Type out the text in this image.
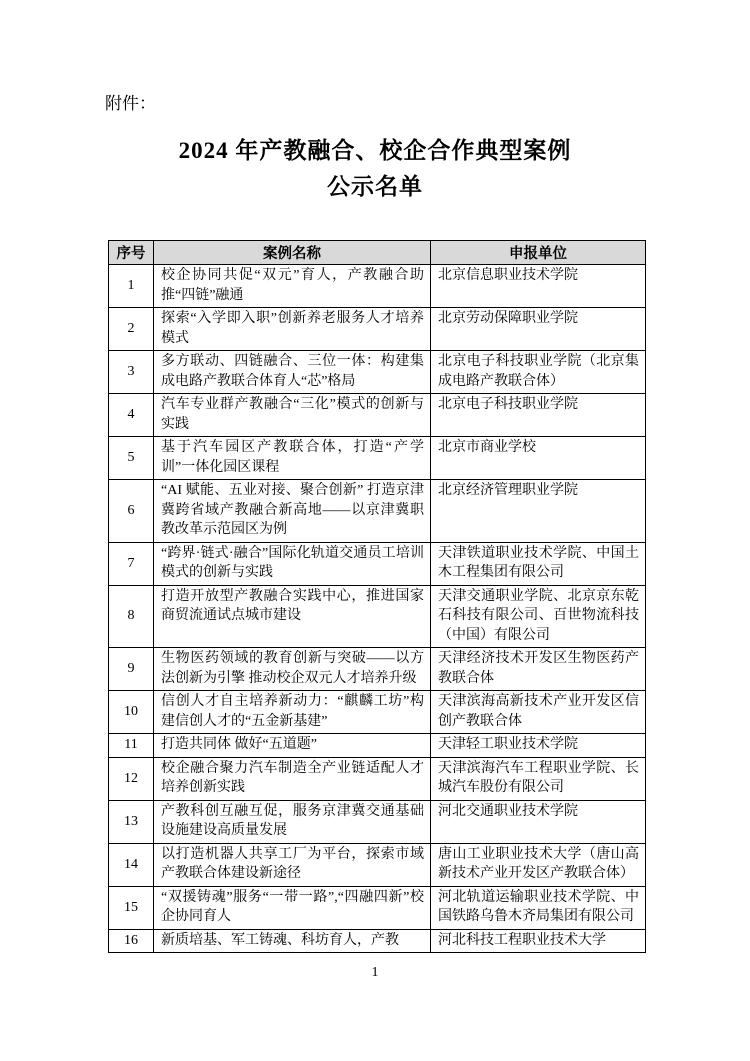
附件：
2024 年产教融合、校企合作典型案例
公示名单
序号	案例名称	申报单位
1	校企协同共促“双元”育人，产教融合助推“四链”融通	北京信息职业技术学院
2	探索“入学即入职”创新养老服务人才培养模式	北京劳动保障职业学院
3	多方联动、四链融合、三位一体：构建集成电路产教联合体育人“芯”格局	北京电子科技职业学院（北京集成电路产教联合体）
4	汽车专业群产教融合“三化”模式的创新与实践	北京电子科技职业学院
5	基于汽车园区产教联合体，打造“产学训”一体化园区课程	北京市商业学校
6	“AI 赋能、五业对接、聚合创新” 打造京津冀跨省域产教融合新高地——以京津冀职教改革示范园区为例	北京经济管理职业学院
7	“跨界·链式·融合”国际化轨道交通员工培训模式的创新与实践	天津铁道职业技术学院、中国土木工程集团有限公司
8	打造开放型产教融合实践中心，推进国家商贸流通试点城市建设	天津交通职业学院、北京京东乾石科技有限公司、百世物流科技（中国）有限公司
9	生物医药领域的教育创新与突破——以方法创新为引擎 推动校企双元人才培养升级	天津经济技术开发区生物医药产教联合体
10	信创人才自主培养新动力：“麒麟工坊”构建信创人才的“五金新基建”	天津滨海高新技术产业开发区信创产教联合体
11	打造共同体 做好“五道题”	天津轻工职业技术学院
12	校企融合聚力汽车制造全产业链适配人才培养创新实践	天津滨海汽车工程职业学院、长城汽车股份有限公司
13	产教科创互融互促，服务京津冀交通基础设施建设高质量发展	河北交通职业技术学院
14	以打造机器人共享工厂为平台，探索市域产教联合体建设新途径	唐山工业职业技术大学（唐山高新技术产业开发区产教联合体）
15	“双援铸魂”服务“一带一路”,“四融四新”校企协同育人	河北轨道运输职业技术学院、中国铁路乌鲁木齐局集团有限公司
16	新质培基、军工铸魂、科坊育人，产教	河北科技工程职业技术大学
1
